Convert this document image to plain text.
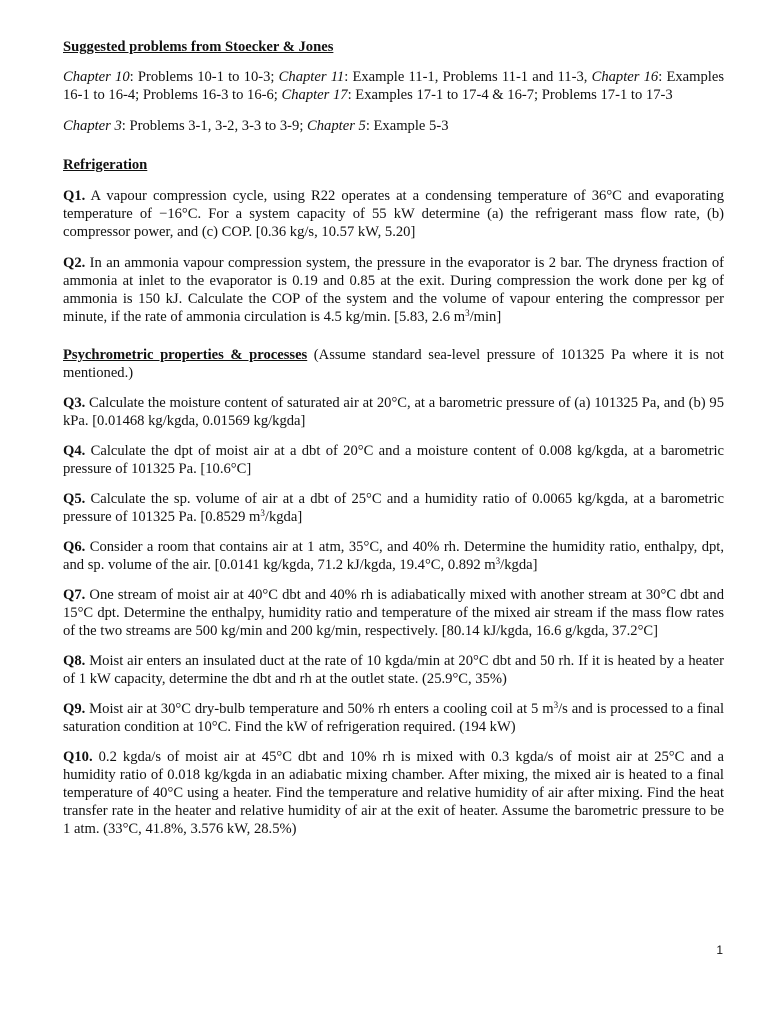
Suggested problems from Stoecker & Jones

Chapter 10: Problems 10-1 to 10-3; Chapter 11: Example 11-1, Problems 11-1 and 11-3, Chapter 16: Examples 16-1 to 16-4; Problems 16-3 to 16-6; Chapter 17: Examples 17-1 to 17-4 & 16-7; Problems 17-1 to 17-3

Chapter 3: Problems 3-1, 3-2, 3-3 to 3-9; Chapter 5: Example 5-3

Refrigeration

Q1. A vapour compression cycle, using R22 operates at a condensing temperature of 36°C and evaporating temperature of −16°C. For a system capacity of 55 kW determine (a) the refrigerant mass flow rate, (b) compressor power, and (c) COP. [0.36 kg/s, 10.57 kW, 5.20]

Q2. In an ammonia vapour compression system, the pressure in the evaporator is 2 bar. The dryness fraction of ammonia at inlet to the evaporator is 0.19 and 0.85 at the exit. During compression the work done per kg of ammonia is 150 kJ. Calculate the COP of the system and the volume of vapour entering the compressor per minute, if the rate of ammonia circulation is 4.5 kg/min. [5.83, 2.6 $m^3/\min$]

Psychrometric properties & processes (Assume standard sea-level pressure of 101325 Pa where it is not mentioned.)

Q3. Calculate the moisture content of saturated air at 20°C, at a barometric pressure of (a) 101325 Pa, and (b) 95 kPa. [0.01468 kg/kgda, 0.01569 kg/kgda]

Q4. Calculate the dpt of moist air at a dbt of 20°C and a moisture content of 0.008 kg/kgda, at a barometric pressure of 101325 Pa. [10.6°C]

Q5. Calculate the sp. volume of air at a dbt of 25°C and a humidity ratio of 0.0065 kg/kgda, at a barometric pressure of 101325 Pa. [0.8529 $m^3/kgda$]

Q6. Consider a room that contains air at 1 atm, 35°C, and 40% rh. Determine the humidity ratio, enthalpy, dpt, and sp. volume of the air. [0.0141 kg/kgda, 71.2 kJ/kgda, 19.4°C, 0.892 $m^3/kgda$]

Q7. One stream of moist air at 40°C dbt and 40% rh is adiabatically mixed with another stream at 30°C dbt and 15°C dpt. Determine the enthalpy, humidity ratio and temperature of the mixed air stream if the mass flow rates of the two streams are 500 kg/min and 200 kg/min, respectively. [80.14 kJ/kgda, 16.6 g/kgda, 37.2°C]

Q8. Moist air enters an insulated duct at the rate of 10 kgda/min at 20°C dbt and 50 rh. If it is heated by a heater of 1 kW capacity, determine the dbt and rh at the outlet state. (25.9°C, 35%)

Q9. Moist air at 30°C dry-bulb temperature and 50% rh enters a cooling coil at 5 $m^3/s$ and is processed to a final saturation condition at 10°C. Find the kW of refrigeration required. (194 kW)

Q10. 0.2 kgda/s of moist air at 45°C dbt and 10% rh is mixed with 0.3 kgda/s of moist air at 25°C and a humidity ratio of 0.018 kg/kgda in an adiabatic mixing chamber. After mixing, the mixed air is heated to a final temperature of 40°C using a heater. Find the temperature and relative humidity of air after mixing. Find the heat transfer rate in the heater and relative humidity of air at the exit of heater. Assume the barometric pressure to be 1 atm. (33°C, 41.8%, 3.576 kW, 28.5%)

1
